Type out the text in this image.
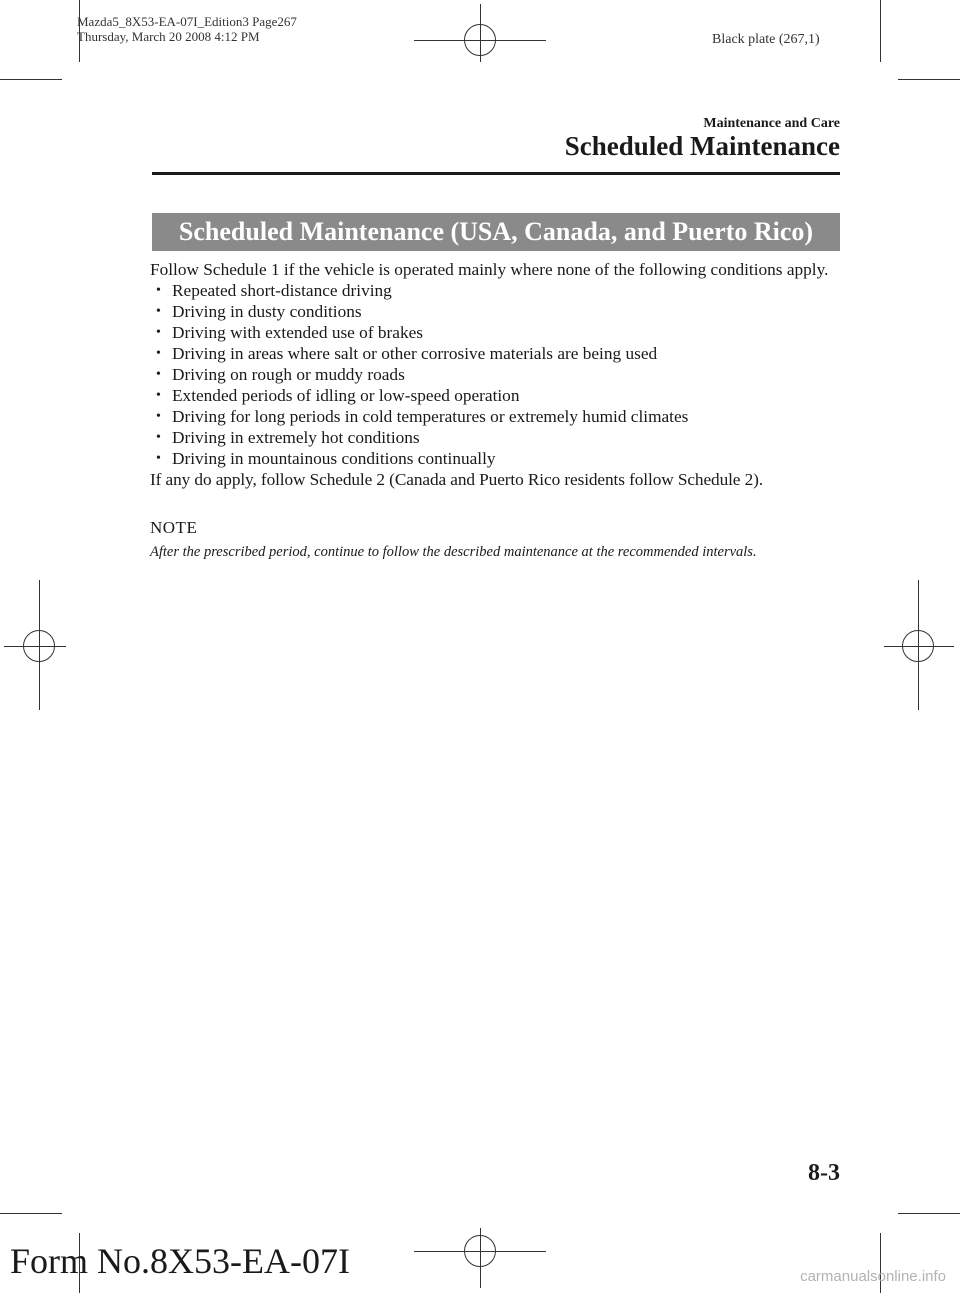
Mazda5_8X53-EA-07I_Edition3 Page267
Thursday, March 20 2008 4:12 PM	Black plate (267,1)
Maintenance and Care
Scheduled Maintenance
Scheduled Maintenance (USA, Canada, and Puerto Rico)

Follow Schedule 1 if the vehicle is operated mainly where none of the following conditions apply.

• Repeated short-distance driving
• Driving in dusty conditions
• Driving with extended use of brakes
• Driving in areas where salt or other corrosive materials are being used
• Driving on rough or muddy roads
• Extended periods of idling or low-speed operation
• Driving for long periods in cold temperatures or extremely humid climates
• Driving in extremely hot conditions
• Driving in mountainous conditions continually

If any do apply, follow Schedule 2 (Canada and Puerto Rico residents follow Schedule 2).

NOTE
After the prescribed period, continue to follow the described maintenance at the recommended intervals.
8-3
Form No.8X53-EA-07I	carmanualsonline.info
